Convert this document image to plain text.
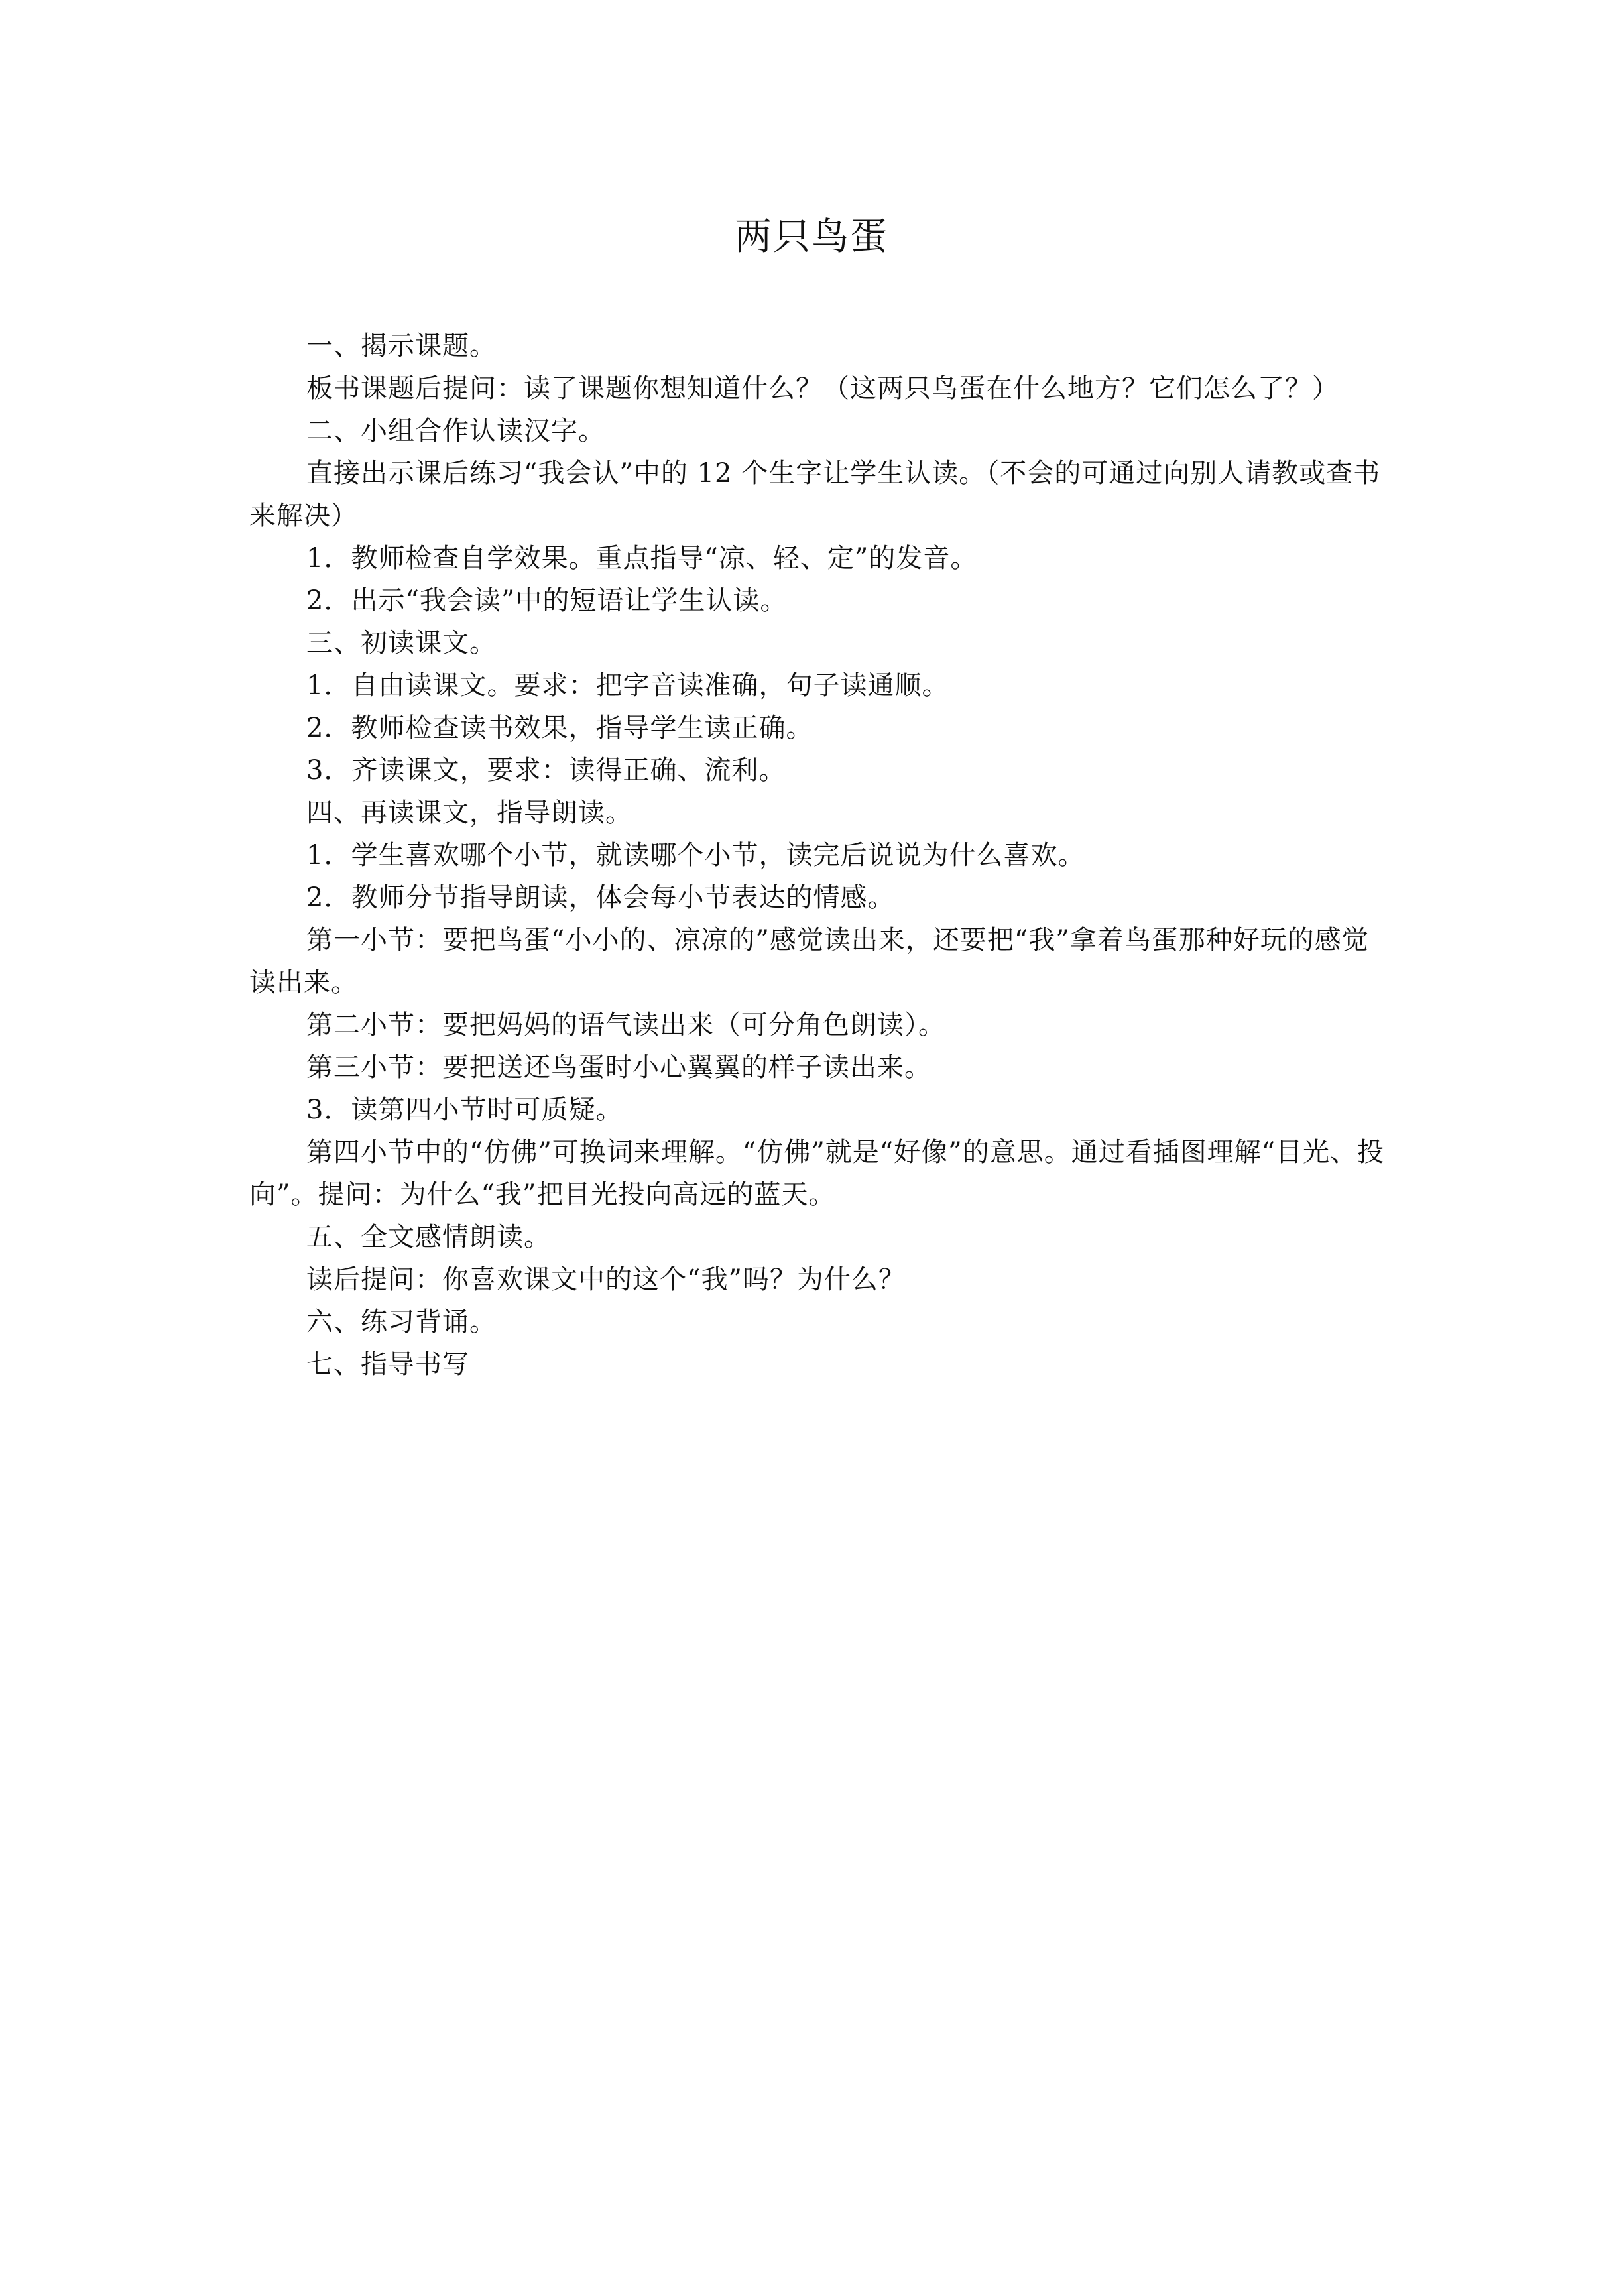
两只鸟蛋

一、揭示课题。

板书课题后提问：读了课题你想知道什么？（这两只鸟蛋在什么地方？它们怎么了？）

二、小组合作认读汉字。

直接出示课后练习“我会认”中的 12 个生字让学生认读。（不会的可通过向别人请教或查书来解决）

1．教师检查自学效果。重点指导“凉、轻、定”的发音。

2．出示“我会读”中的短语让学生认读。

三、初读课文。

1．自由读课文。要求：把字音读准确，句子读通顺。

2．教师检查读书效果，指导学生读正确。

3．齐读课文，要求：读得正确、流利。

四、再读课文，指导朗读。

1．学生喜欢哪个小节，就读哪个小节，读完后说说为什么喜欢。

2．教师分节指导朗读，体会每小节表达的情感。

第一小节：要把鸟蛋“小小的、凉凉的”感觉读出来，还要把“我”拿着鸟蛋那种好玩的感觉读出来。

第二小节：要把妈妈的语气读出来（可分角色朗读）。

第三小节：要把送还鸟蛋时小心翼翼的样子读出来。

3．读第四小节时可质疑。

第四小节中的“仿佛”可换词来理解。“仿佛”就是“好像”的意思。通过看插图理解“目光、投向”。提问：为什么“我”把目光投向高远的蓝天。

五、全文感情朗读。

读后提问：你喜欢课文中的这个“我”吗？为什么？

六、练习背诵。

七、指导书写
